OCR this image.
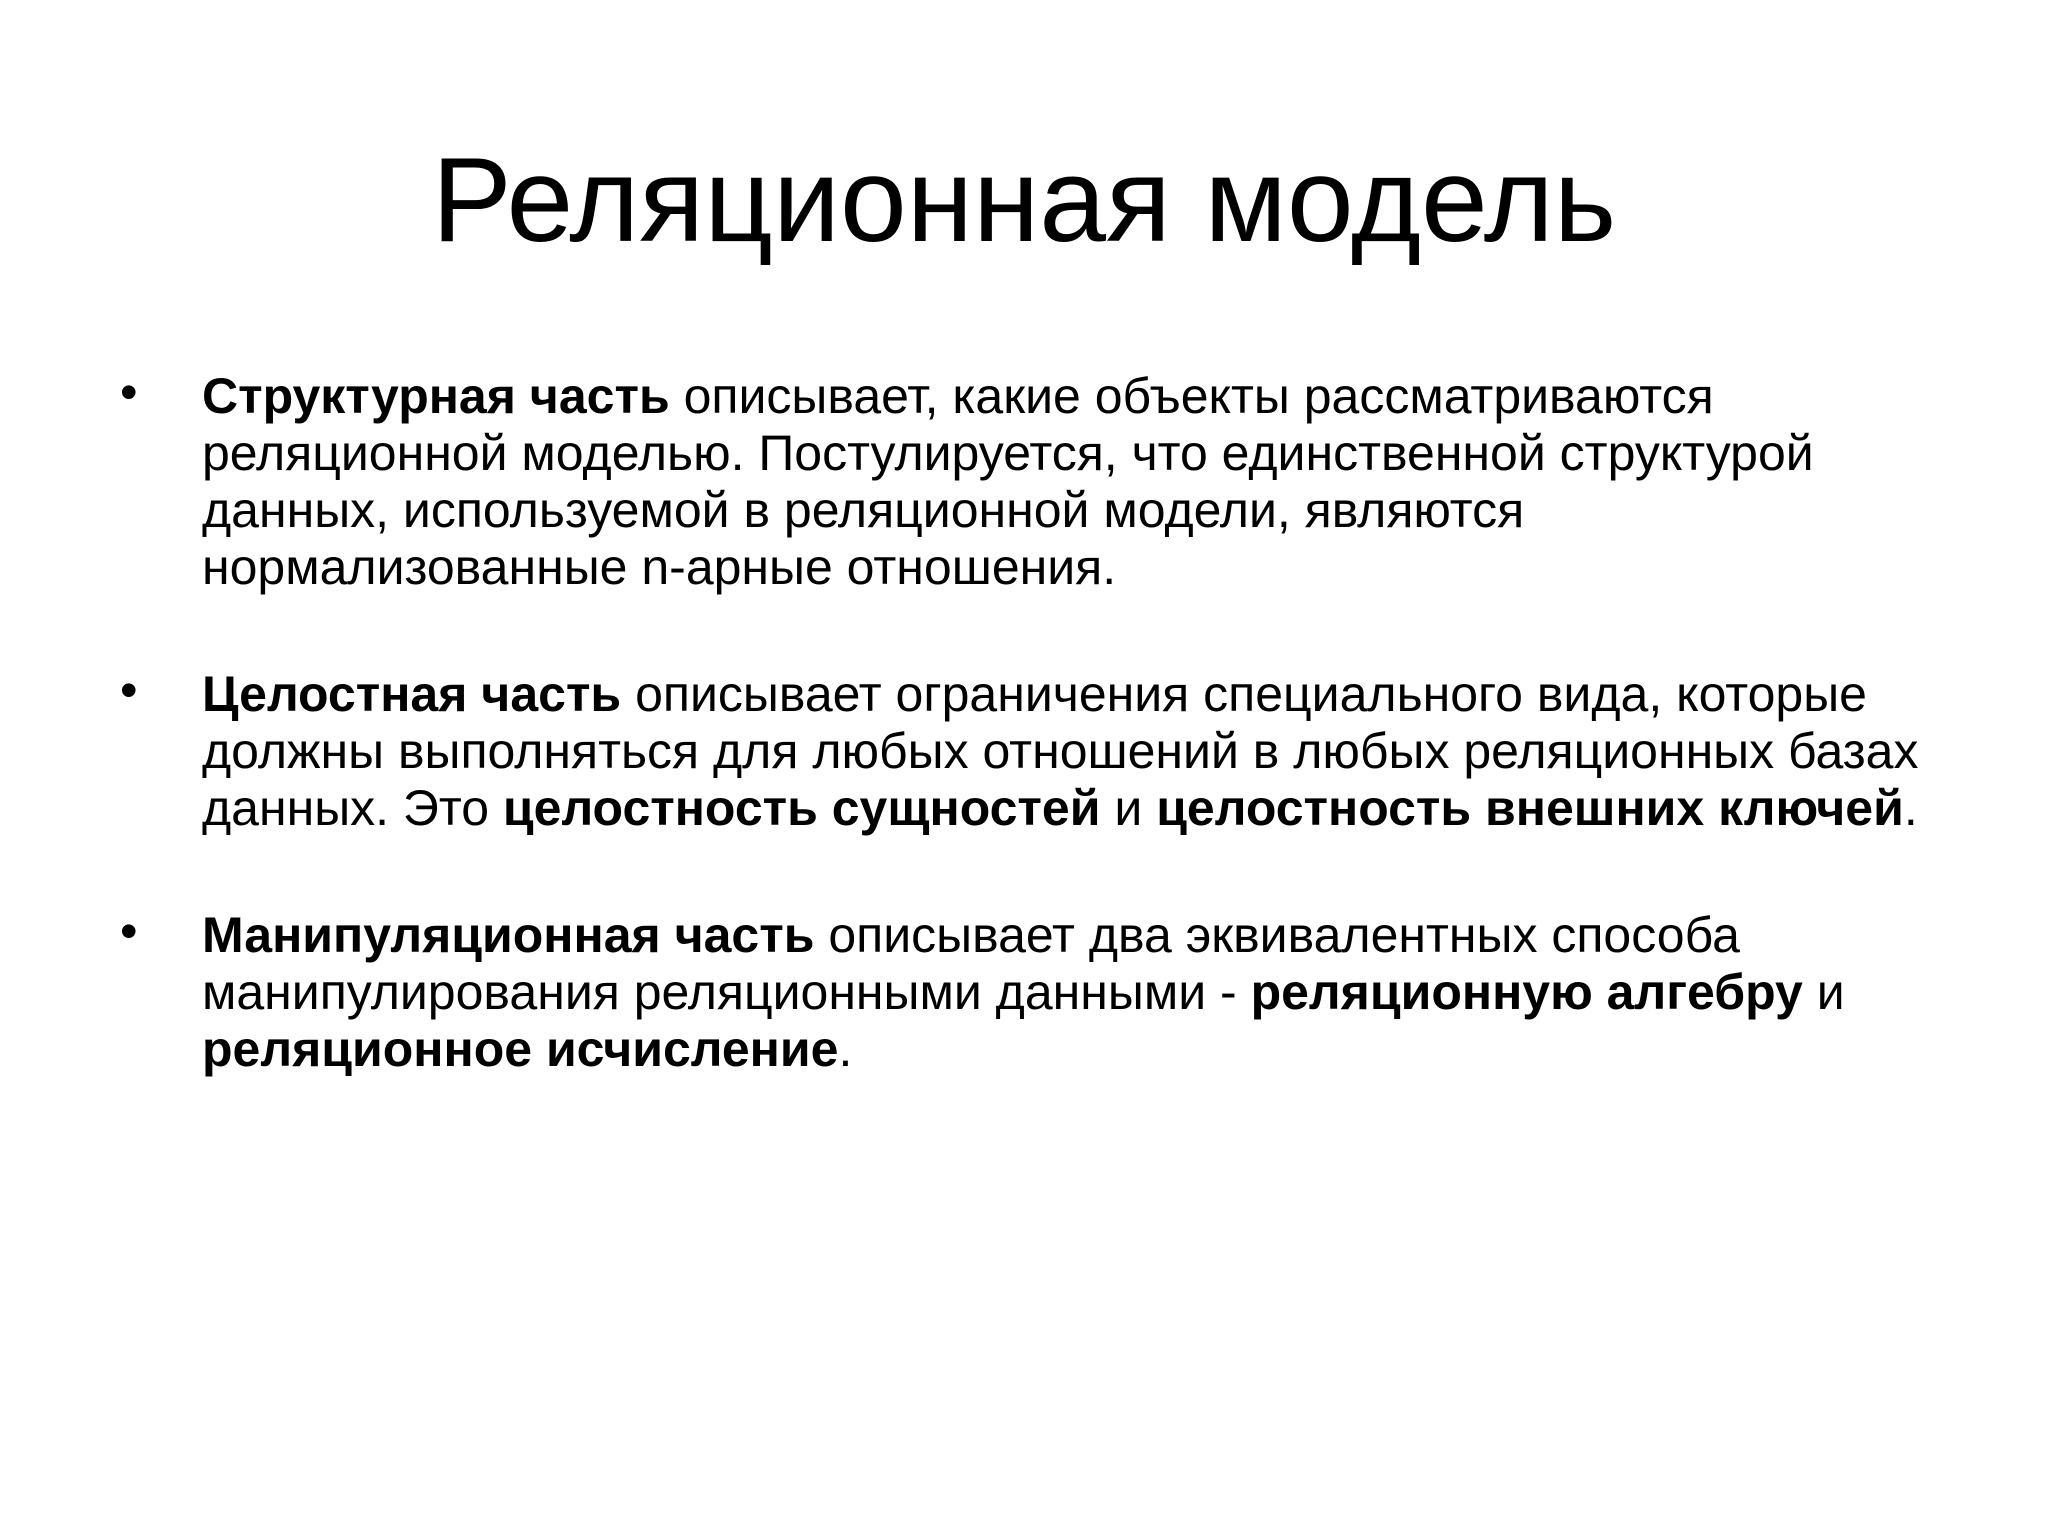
Реляционная модель
•	Структурная часть описывает, какие объекты рассматриваются реляционной моделью. Постулируется, что единственной структурой данных, используемой в реляционной модели, являются нормализованные n-арные отношения.
•	Целостная часть описывает ограничения специального вида, которые должны выполняться для любых отношений в любых реляционных базах данных. Это целостность сущностей и целостность внешних ключей.
•	Манипуляционная часть описывает два эквивалентных способа манипулирования реляционными данными - реляционную алгебру и реляционное исчисление.
